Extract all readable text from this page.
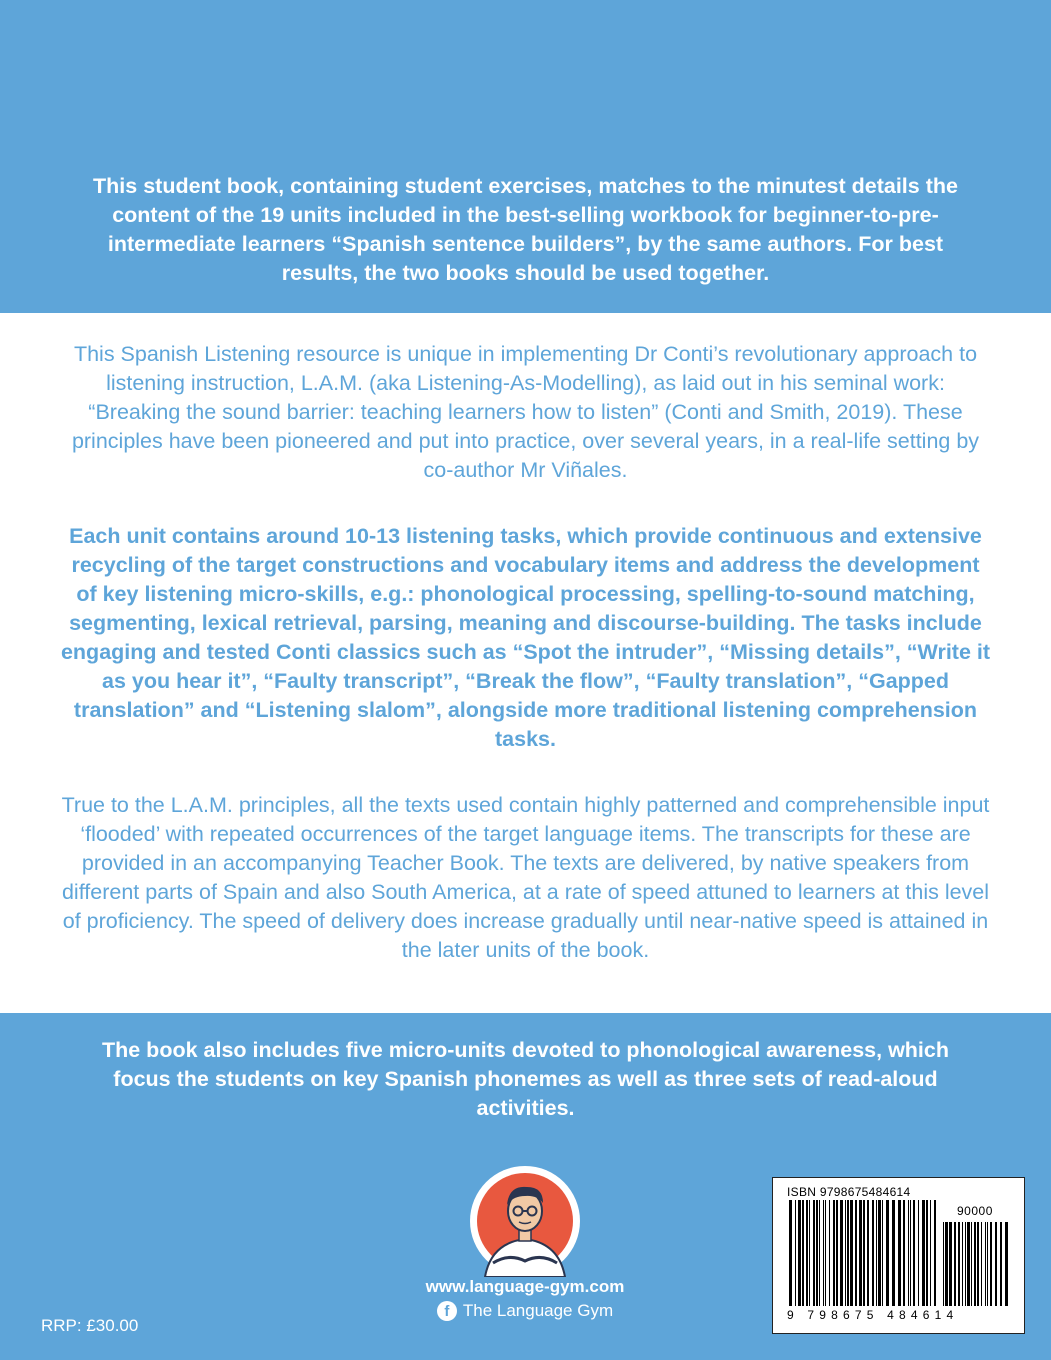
This student book, containing student exercises, matches to the minutest details the content of the 19 units included in the best-selling workbook for beginner-to-pre-intermediate learners “Spanish sentence builders”, by the same authors. For best results, the two books should be used together.
This Spanish Listening resource is unique in implementing Dr Conti’s revolutionary approach to listening instruction, L.A.M. (aka Listening-As-Modelling), as laid out in his seminal work: “Breaking the sound barrier: teaching learners how to listen” (Conti and Smith, 2019). These principles have been pioneered and put into practice, over several years, in a real-life setting by co-author Mr Viñales.
Each unit contains around 10-13 listening tasks, which provide continuous and extensive recycling of the target constructions and vocabulary items and address the development of key listening micro-skills, e.g.: phonological processing, spelling-to-sound matching, segmenting, lexical retrieval, parsing, meaning and discourse-building. The tasks include engaging and tested Conti classics such as “Spot the intruder”, “Missing details”, “Write it as you hear it”, “Faulty transcript”, “Break the flow”, “Faulty translation”, “Gapped translation” and “Listening slalom”, alongside more traditional listening comprehension tasks.
True to the L.A.M. principles, all the texts used contain highly patterned and comprehensible input ‘flooded’ with repeated occurrences of the target language items. The transcripts for these are provided in an accompanying Teacher Book. The texts are delivered, by native speakers from different parts of Spain and also South America, at a rate of speed attuned to learners at this level of proficiency. The speed of delivery does increase gradually until near-native speed is attained in the later units of the book.
The book also includes five micro-units devoted to phonological awareness, which focus the students on key Spanish phonemes as well as three sets of read-aloud activities.
www.language-gym.com
f The Language Gym
RRP: £30.00
ISBN 9798675484614
90000
9 798675 484614
